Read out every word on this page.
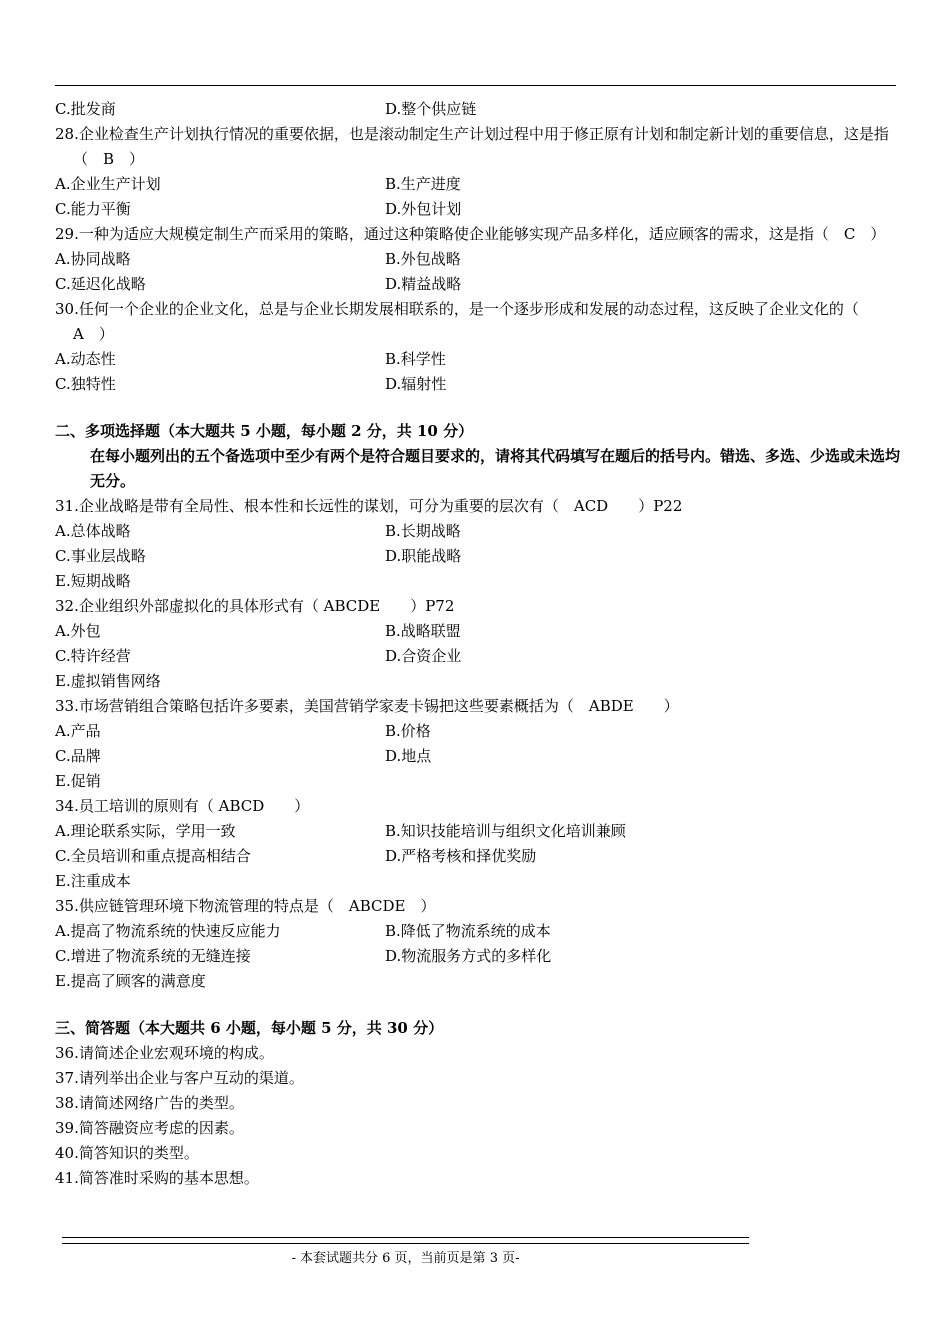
C.批发商	D.整个供应链
28.企业检查生产计划执行情况的重要依据，也是滚动制定生产计划过程中用于修正原有计划和制定新计划的重要信息，这是指（　B　）
A.企业生产计划	B.生产进度
C.能力平衡	D.外包计划
29.一种为适应大规模定制生产而采用的策略，通过这种策略使企业能够实现产品多样化，适应顾客的需求，这是指（　C　）
A.协同战略	B.外包战略
C.延迟化战略	D.精益战略
30.任何一个企业的企业文化，总是与企业长期发展相联系的，是一个逐步形成和发展的动态过程，这反映了企业文化的（　A　）
A.动态性	B.科学性
C.独特性	D.辐射性
二、多项选择题（本大题共 5 小题，每小题 2 分，共 10 分）
在每小题列出的五个备选项中至少有两个是符合题目要求的，请将其代码填写在题后的括号内。错选、多选、少选或未选均无分。
31.企业战略是带有全局性、根本性和长远性的谋划，可分为重要的层次有（　ACD　　）P22
A.总体战略	B.长期战略
C.事业层战略	D.职能战略
E.短期战略
32.企业组织外部虚拟化的具体形式有（ ABCDE　　）P72
A.外包	B.战略联盟
C.特许经营	D.合资企业
E.虚拟销售网络
33.市场营销组合策略包括许多要素，美国营销学家麦卡锡把这些要素概括为（　ABDE　　）
A.产品	B.价格
C.品牌	D.地点
E.促销
34.员工培训的原则有（ ABCD　　）
A.理论联系实际，学用一致	B.知识技能培训与组织文化培训兼顾
C.全员培训和重点提高相结合	D.严格考核和择优奖励
E.注重成本
35.供应链管理环境下物流管理的特点是（　ABCDE　）
A.提高了物流系统的快速反应能力	B.降低了物流系统的成本
C.增进了物流系统的无缝连接	D.物流服务方式的多样化
E.提高了顾客的满意度
三、简答题（本大题共 6 小题，每小题 5 分，共 30 分）
36.请简述企业宏观环境的构成。
37.请列举出企业与客户互动的渠道。
38.请简述网络广告的类型。
39.简答融资应考虑的因素。
40.简答知识的类型。
41.简答准时采购的基本思想。
- 本套试题共分 6 页，当前页是第 3 页-
